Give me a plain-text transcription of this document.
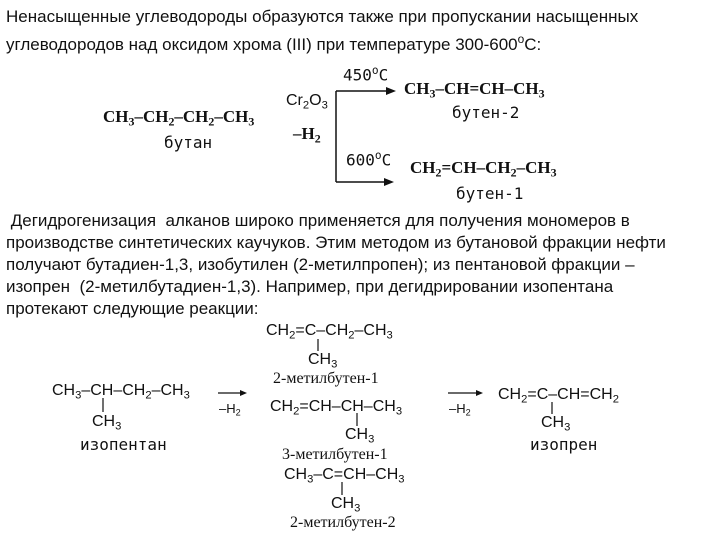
Ненасыщенные углеводороды образуются также при пропускании насыщенных
углеводородов над оксидом хрома (III) при температуре 300-600$^o$С:
$CH_3-CH_2-CH_2-CH_3$
бутан
$Cr_2O_3$
$-H_2$
450$^o$C
600$^o$C
$CH_3-CH=CH-CH_3$
бутен-2
$CH_2=CH-CH_2-CH_3$
бутен-1
Дегидрогенизация  алканов широко применяется для получения мономеров в
производстве синтетических каучуков. Этим методом из бутановой фракции нефти
получают бутадиен-1,3, изобутилен (2-метилпропен); из пентановой фракции –
изопрен  (2-метилбутадиен-1,3). Например, при дегидрировании изопентана
протекают следующие реакции:
$CH_3-CH-CH_2-CH_3$
$CH_3$
изопентан
$-H_2$
$CH_2=C-CH_2-CH_3$
$CH_3$
2-метилбутен-1
$CH_2=CH-CH-CH_3$
$CH_3$
3-метилбутен-1
$CH_3-C=CH-CH_3$
$CH_3$
2-метилбутен-2
$-H_2$
$CH_2=C-CH=CH_2$
$CH_3$
изопрен
